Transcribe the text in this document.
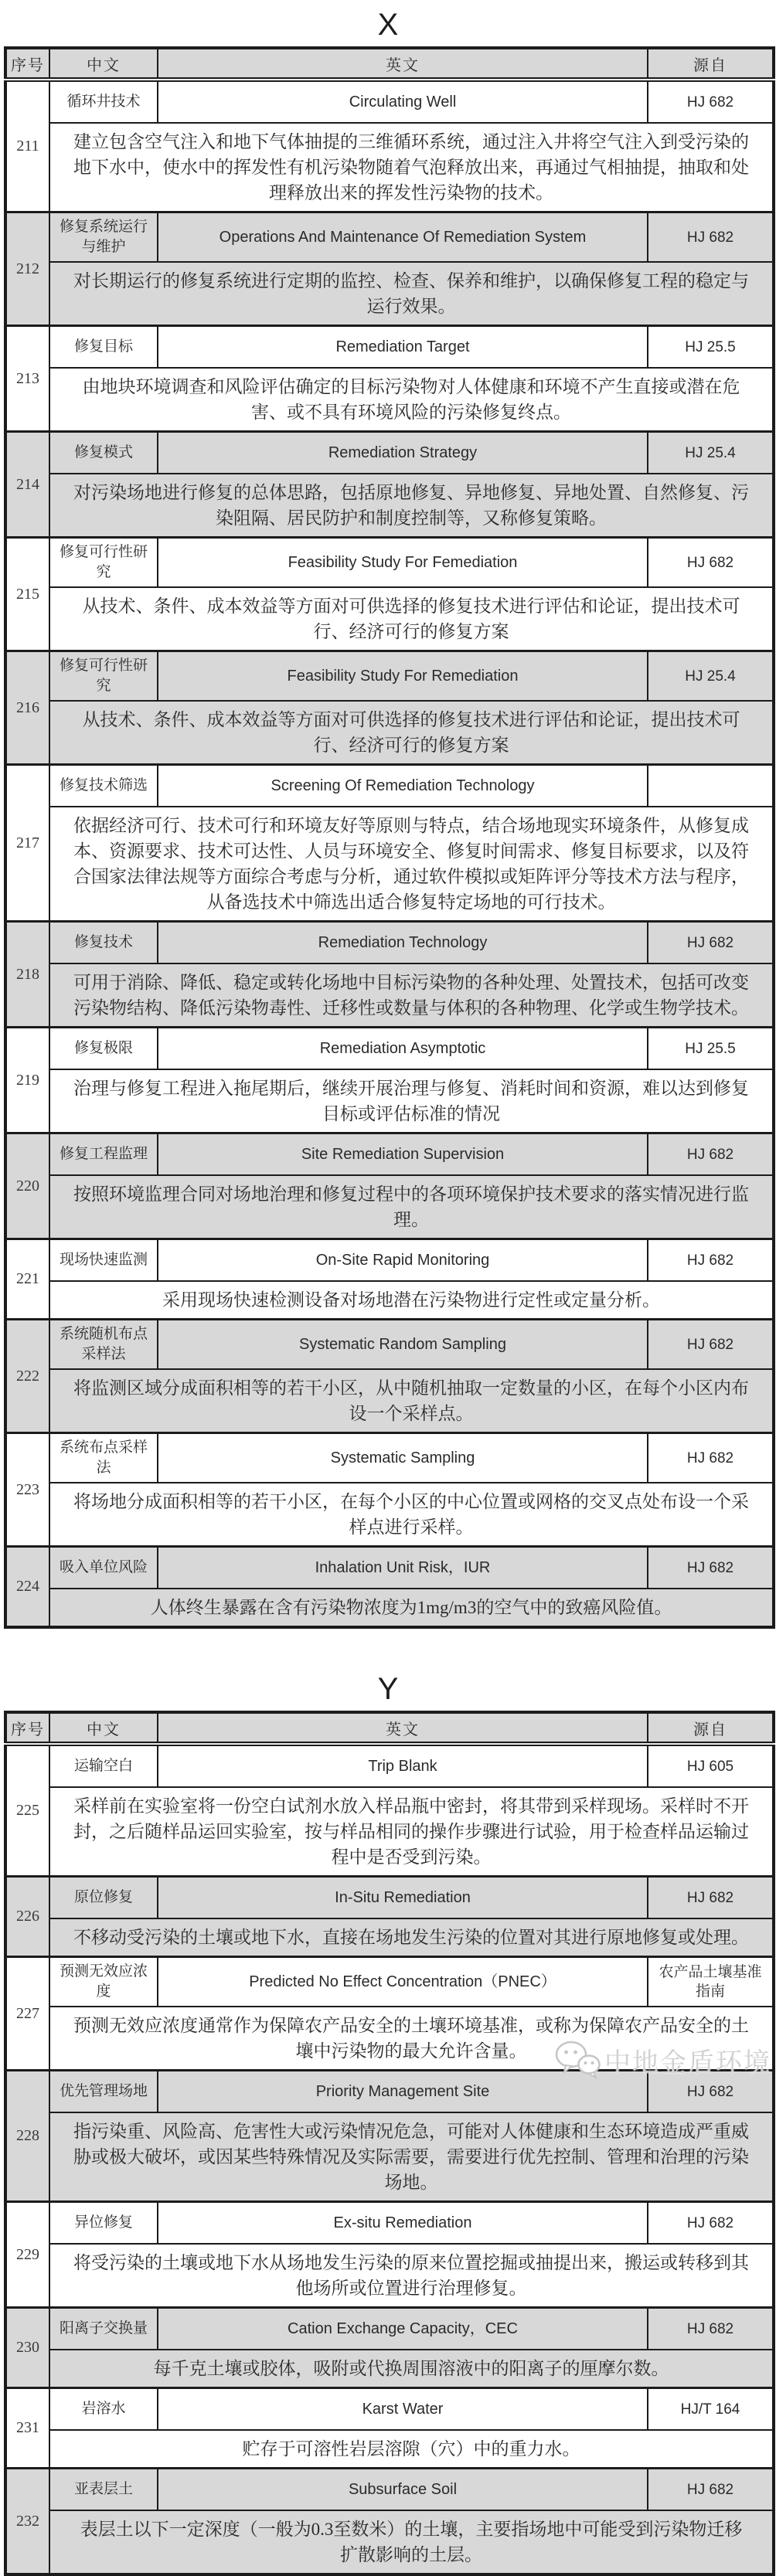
X
序号	中文	英文	源自
211	循环井技术	Circulating Well	HJ 682
	建立包含空气注入和地下气体抽提的三维循环系统，通过注入井将空气注入到受污染的地下水中，使水中的挥发性有机污染物随着气泡释放出来，再通过气相抽提，抽取和处理释放出来的挥发性污染物的技术。		
212	修复系统运行与维护	Operations And Maintenance Of Remediation System	HJ 682
	对长期运行的修复系统进行定期的监控、检查、保养和维护，以确保修复工程的稳定与运行效果。		
213	修复目标	Remediation Target	HJ 25.5
	由地块环境调查和风险评估确定的目标污染物对人体健康和环境不产生直接或潜在危害、或不具有环境风险的污染修复终点。		
214	修复模式	Remediation Strategy	HJ 25.4
	对污染场地进行修复的总体思路，包括原地修复、异地修复、异地处置、自然修复、污染阻隔、居民防护和制度控制等，又称修复策略。		
215	修复可行性研究	Feasibility Study For Femediation	HJ 682
	从技术、条件、成本效益等方面对可供选择的修复技术进行评估和论证，提出技术可行、经济可行的修复方案		
216	修复可行性研究	Feasibility Study For Remediation	HJ 25.4
	从技术、条件、成本效益等方面对可供选择的修复技术进行评估和论证，提出技术可行、经济可行的修复方案		
217	修复技术筛选	Screening Of Remediation Technology	
	依据经济可行、技术可行和环境友好等原则与特点，结合场地现实环境条件，从修复成本、资源要求、技术可达性、人员与环境安全、修复时间需求、修复目标要求，以及符合国家法律法规等方面综合考虑与分析，通过软件模拟或矩阵评分等技术方法与程序，从备选技术中筛选出适合修复特定场地的可行技术。		
218	修复技术	Remediation Technology	HJ 682
	可用于消除、降低、稳定或转化场地中目标污染物的各种处理、处置技术，包括可改变污染物结构、降低污染物毒性、迁移性或数量与体积的各种物理、化学或生物学技术。		
219	修复极限	Remediation Asymptotic	HJ 25.5
	治理与修复工程进入拖尾期后，继续开展治理与修复、消耗时间和资源，难以达到修复目标或评估标准的情况		
220	修复工程监理	Site Remediation Supervision	HJ 682
	按照环境监理合同对场地治理和修复过程中的各项环境保护技术要求的落实情况进行监理。		
221	现场快速监测	On-Site Rapid Monitoring	HJ 682
	采用现场快速检测设备对场地潜在污染物进行定性或定量分析。		
222	系统随机布点采样法	Systematic Random Sampling	HJ 682
	将监测区域分成面积相等的若干小区，从中随机抽取一定数量的小区，在每个小区内布设一个采样点。		
223	系统布点采样法	Systematic Sampling	HJ 682
	将场地分成面积相等的若干小区，在每个小区的中心位置或网格的交叉点处布设一个采样点进行采样。		
224	吸入单位风险	Inhalation Unit Risk，IUR	HJ 682
	人体终生暴露在含有污染物浓度为1mg/m3的空气中的致癌风险值。		
Y
序号	中文	英文	源自
225	运输空白	Trip Blank	HJ 605
	采样前在实验室将一份空白试剂水放入样品瓶中密封，将其带到采样现场。采样时不开封，之后随样品运回实验室，按与样品相同的操作步骤进行试验，用于检查样品运输过程中是否受到污染。		
226	原位修复	In-Situ Remediation	HJ 682
	不移动受污染的土壤或地下水，直接在场地发生污染的位置对其进行原地修复或处理。		
227	预测无效应浓度	Predicted No Effect Concentration（PNEC）	农产品土壤基准指南
	预测无效应浓度通常作为保障农产品安全的土壤环境基准，或称为保障农产品安全的土壤中污染物的最大允许含量。		
228	优先管理场地	Priority Management Site	HJ 682
	指污染重、风险高、危害性大或污染情况危急，可能对人体健康和生态环境造成严重威胁或极大破坏，或因某些特殊情况及实际需要，需要进行优先控制、管理和治理的污染场地。		
229	异位修复	Ex-situ Remediation	HJ 682
	将受污染的土壤或地下水从场地发生污染的原来位置挖掘或抽提出来，搬运或转移到其他场所或位置进行治理修复。		
230	阳离子交换量	Cation Exchange Capacity，CEC	HJ 682
	每千克土壤或胶体，吸附或代换周围溶液中的阳离子的厘摩尔数。		
231	岩溶水	Karst Water	HJ/T 164
	贮存于可溶性岩层溶隙（穴）中的重力水。		
232	亚表层土	Subsurface Soil	HJ 682
	表层土以下一定深度（一般为0.3至数米）的土壤，主要指场地中可能受到污染物迁移扩散影响的土层。		
中地金盾环境
